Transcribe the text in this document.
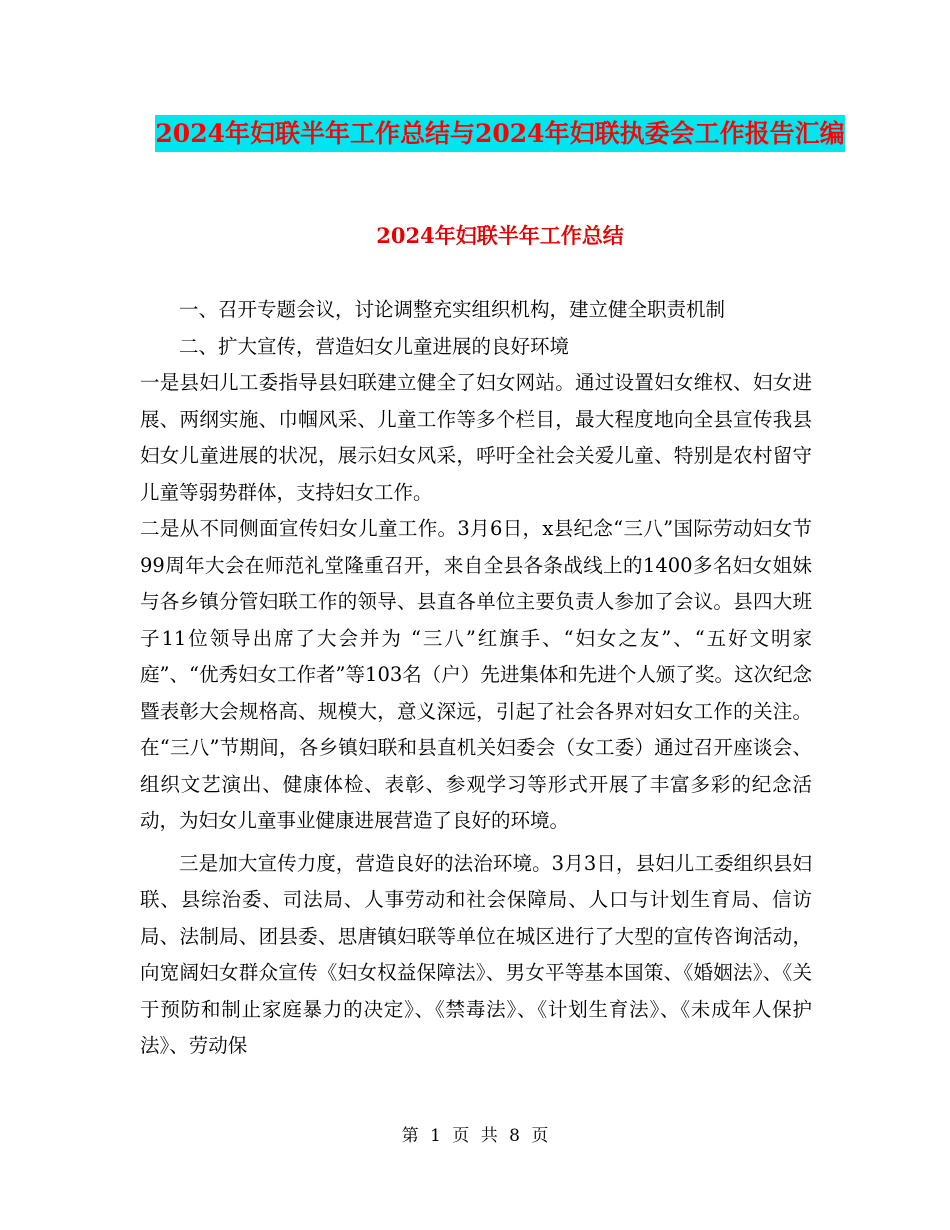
2024年妇联半年工作总结与2024年妇联执委会工作报告汇编
2024年妇联半年工作总结

一、召开专题会议，讨论调整充实组织机构，建立健全职责机制

二、扩大宣传，营造妇女儿童进展的良好环境

一是县妇儿工委指导县妇联建立健全了妇女网站。通过设置妇女维权、妇女进展、两纲实施、巾帼风采、儿童工作等多个栏目，最大程度地向全县宣传我县妇女儿童进展的状况，展示妇女风采，呼吁全社会关爱儿童、特别是农村留守儿童等弱势群体，支持妇女工作。

二是从不同侧面宣传妇女儿童工作。3月6日，x县纪念“三八”国际劳动妇女节99周年大会在师范礼堂隆重召开，来自全县各条战线上的1400多名妇女姐妹与各乡镇分管妇联工作的领导、县直各单位主要负责人参加了会议。县四大班子11位领导出席了大会并为 “三八”红旗手、“妇女之友”、“五好文明家庭”、“优秀妇女工作者”等103名（户）先进集体和先进个人颁了奖。这次纪念暨表彰大会规格高、规模大，意义深远，引起了社会各界对妇女工作的关注。在“三八”节期间，各乡镇妇联和县直机关妇委会（女工委）通过召开座谈会、组织文艺演出、健康体检、表彰、参观学习等形式开展了丰富多彩的纪念活动，为妇女儿童事业健康进展营造了良好的环境。

三是加大宣传力度，营造良好的法治环境。3月3日，县妇儿工委组织县妇联、县综治委、司法局、人事劳动和社会保障局、人口与计划生育局、信访局、法制局、团县委、思唐镇妇联等单位在城区进行了大型的宣传咨询活动，向宽阔妇女群众宣传《妇女权益保障法》、男女平等基本国策、《婚姻法》、《关于预防和制止家庭暴力的决定》、《禁毒法》、《计划生育法》、《未成年人保护法》、劳动保

第 1 页 共 8 页
